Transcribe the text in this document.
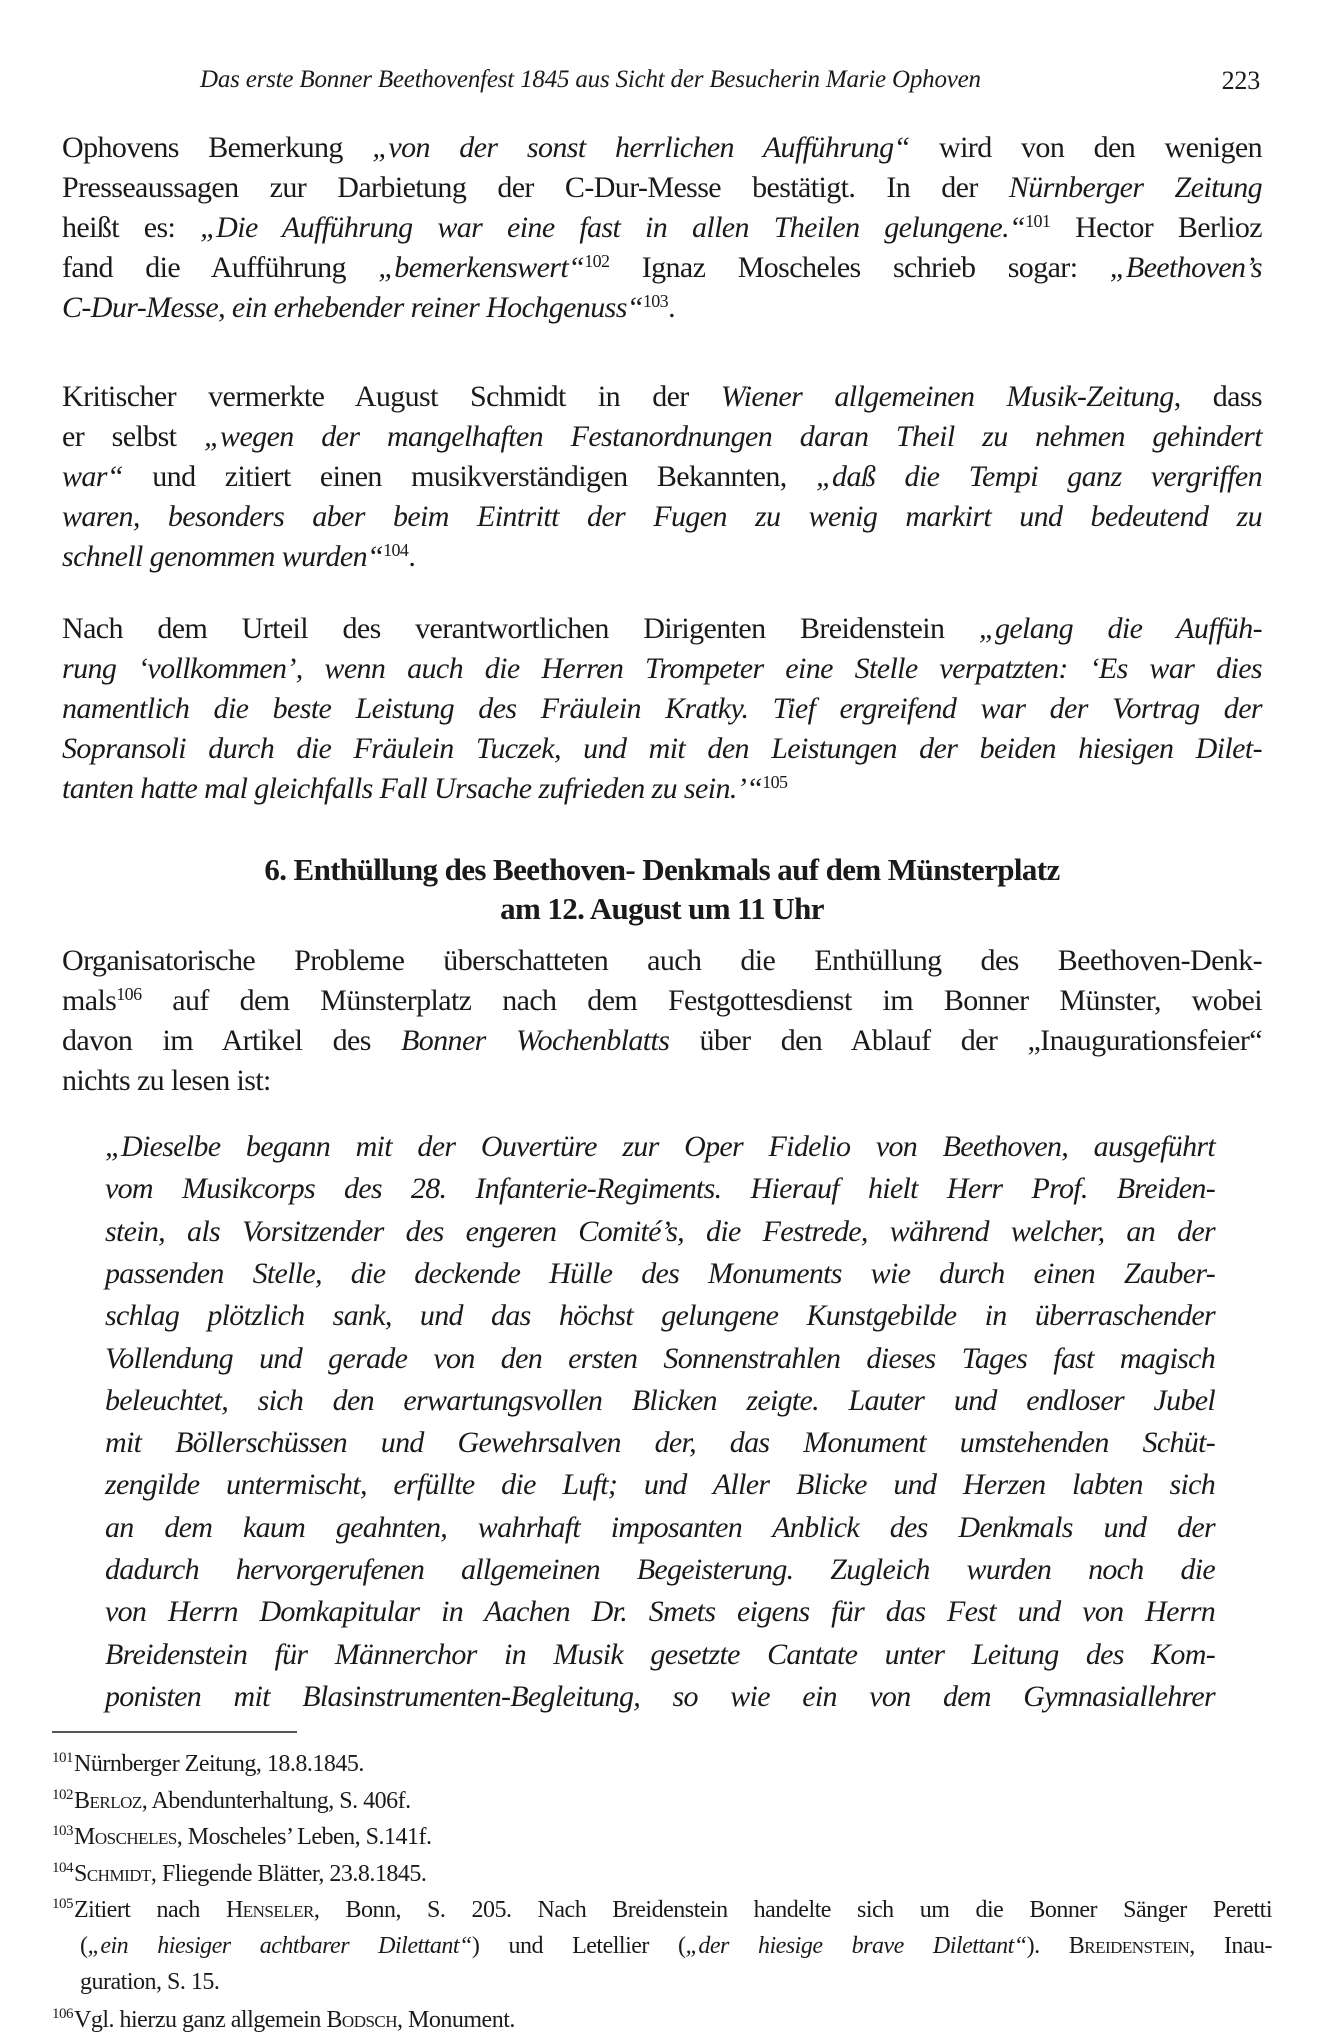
Das erste Bonner Beethovenfest 1845 aus Sicht der Besucherin Marie Ophoven	223
Ophovens Bemerkung „von der sonst herrlichen Aufführung“ wird von den wenigen
Presseaussagen zur Darbietung der C-Dur-Messe bestätigt. In der Nürnberger Zeitung
heißt es: „Die Aufführung war eine fast in allen Theilen gelungene.“$^{101}$ Hector Berlioz
fand die Aufführung „bemerkenswert“$^{102}$ Ignaz Moscheles schrieb sogar: „Beethoven’s
C-Dur-Messe, ein erhebender reiner Hochgenuss“$^{103}$.
Kritischer vermerkte August Schmidt in der Wiener allgemeinen Musik-Zeitung, dass
er selbst „wegen der mangelhaften Festanordnungen daran Theil zu nehmen gehindert
war“ und zitiert einen musikverständigen Bekannten, „daß die Tempi ganz vergriffen
waren, besonders aber beim Eintritt der Fugen zu wenig markirt und bedeutend zu
schnell genommen wurden“$^{104}$.
Nach dem Urteil des verantwortlichen Dirigenten Breidenstein „gelang die Auffüh-
rung ‘vollkommen’, wenn auch die Herren Trompeter eine Stelle verpatzten: ‘Es war dies
namentlich die beste Leistung des Fräulein Kratky. Tief ergreifend war der Vortrag der
Sopransoli durch die Fräulein Tuczek, und mit den Leistungen der beiden hiesigen Dilet-
tanten hatte mal gleichfalls Fall Ursache zufrieden zu sein.’“$^{105}$
Organisatorische Probleme überschatteten auch die Enthüllung des Beethoven-Denk-
mals$^{106}$ auf dem Münsterplatz nach dem Festgottesdienst im Bonner Münster, wobei
davon im Artikel des Bonner Wochenblatts über den Ablauf der „Inaugurationsfeier“
nichts zu lesen ist:
6. Enthüllung des Beethoven- Denkmals auf dem Münsterplatz
am 12. August um 11 Uhr
„Dieselbe begann mit der Ouvertüre zur Oper Fidelio von Beethoven, ausgeführt
vom Musikcorps des 28. Infanterie-Regiments. Hierauf hielt Herr Prof. Breiden-
stein, als Vorsitzender des engeren Comité’s, die Festrede, während welcher, an der
passenden Stelle, die deckende Hülle des Monuments wie durch einen Zauber-
schlag plötzlich sank, und das höchst gelungene Kunstgebilde in überraschender
Vollendung und gerade von den ersten Sonnenstrahlen dieses Tages fast magisch
beleuchtet, sich den erwartungsvollen Blicken zeigte. Lauter und endloser Jubel
mit Böllerschüssen und Gewehrsalven der, das Monument umstehenden Schüt-
zengilde untermischt, erfüllte die Luft; und Aller Blicke und Herzen labten sich
an dem kaum geahnten, wahrhaft imposanten Anblick des Denkmals und der
dadurch hervorgerufenen allgemeinen Begeisterung. Zugleich wurden noch die
von Herrn Domkapitular in Aachen Dr. Smets eigens für das Fest und von Herrn
Breidenstein für Männerchor in Musik gesetzte Cantate unter Leitung des Kom-
ponisten mit Blasinstrumenten-Begleitung, so wie ein von dem Gymnasiallehrer
$^{101}$Nürnberger Zeitung, 18.8.1845.
$^{102}$Berloz, Abendunterhaltung, S. 406f.
$^{103}$Moscheles, Moscheles’ Leben, S.141f.
$^{104}$Schmidt, Fliegende Blätter, 23.8.1845.
$^{105}$Zitiert nach Henseler, Bonn, S. 205. Nach Breidenstein handelte sich um die Bonner Sänger Peretti
(„ein hiesiger achtbarer Dilettant“) und Letellier („der hiesige brave Dilettant“). Breidenstein, Inau-
guration, S. 15.
$^{106}$Vgl. hierzu ganz allgemein Bodsch, Monument.
